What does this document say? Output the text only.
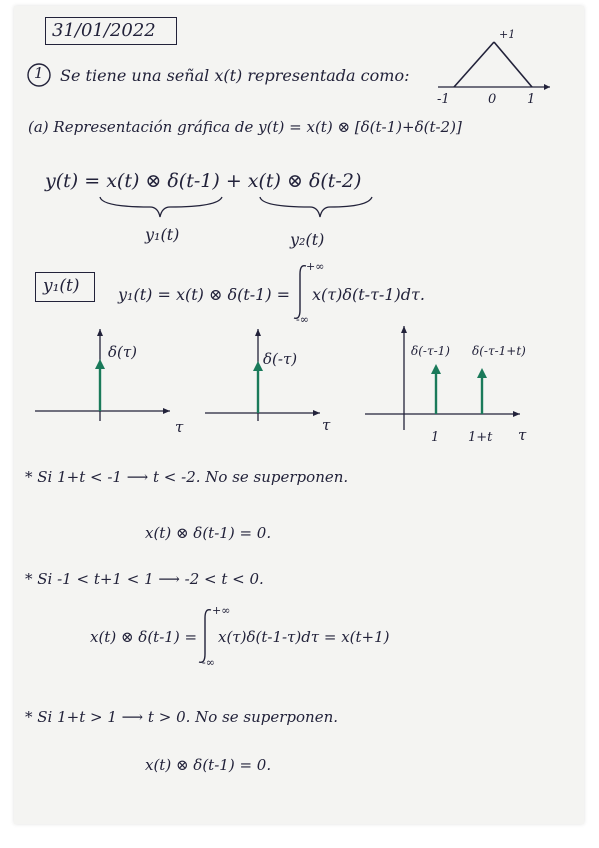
31/01/2022
1 Se tiene una señal x(t) representada como:
+1
-1	0 1
(a) Representación gráfica de y(t) = x(t) ⊗ [δ(t-1)+δ(t-2)]
y(t) = x(t) ⊗ δ(t-1) + x(t) ⊗ δ(t-2)
y₁(t)	y₂(t)
y₁(t) y₁(t) = x(t) ⊗ δ(t-1) =
+∞
-∞
x(τ)δ(t-τ-1)dτ.
δ(τ)
τ
δ(-τ)
τ
δ(-τ-1) δ(-τ-1+t)
1 1+t τ
* Si 1+t < -1 ⟶ t < -2. No se superponen.
x(t) ⊗ δ(t-1) = 0.
* Si -1 < t+1 < 1 ⟶ -2 < t < 0.
x(t) ⊗ δ(t-1) =
+∞
-∞
x(τ)δ(t-1-τ)dτ = x(t+1)
* Si 1+t > 1 ⟶ t > 0. No se superponen.
x(t) ⊗ δ(t-1) = 0.
